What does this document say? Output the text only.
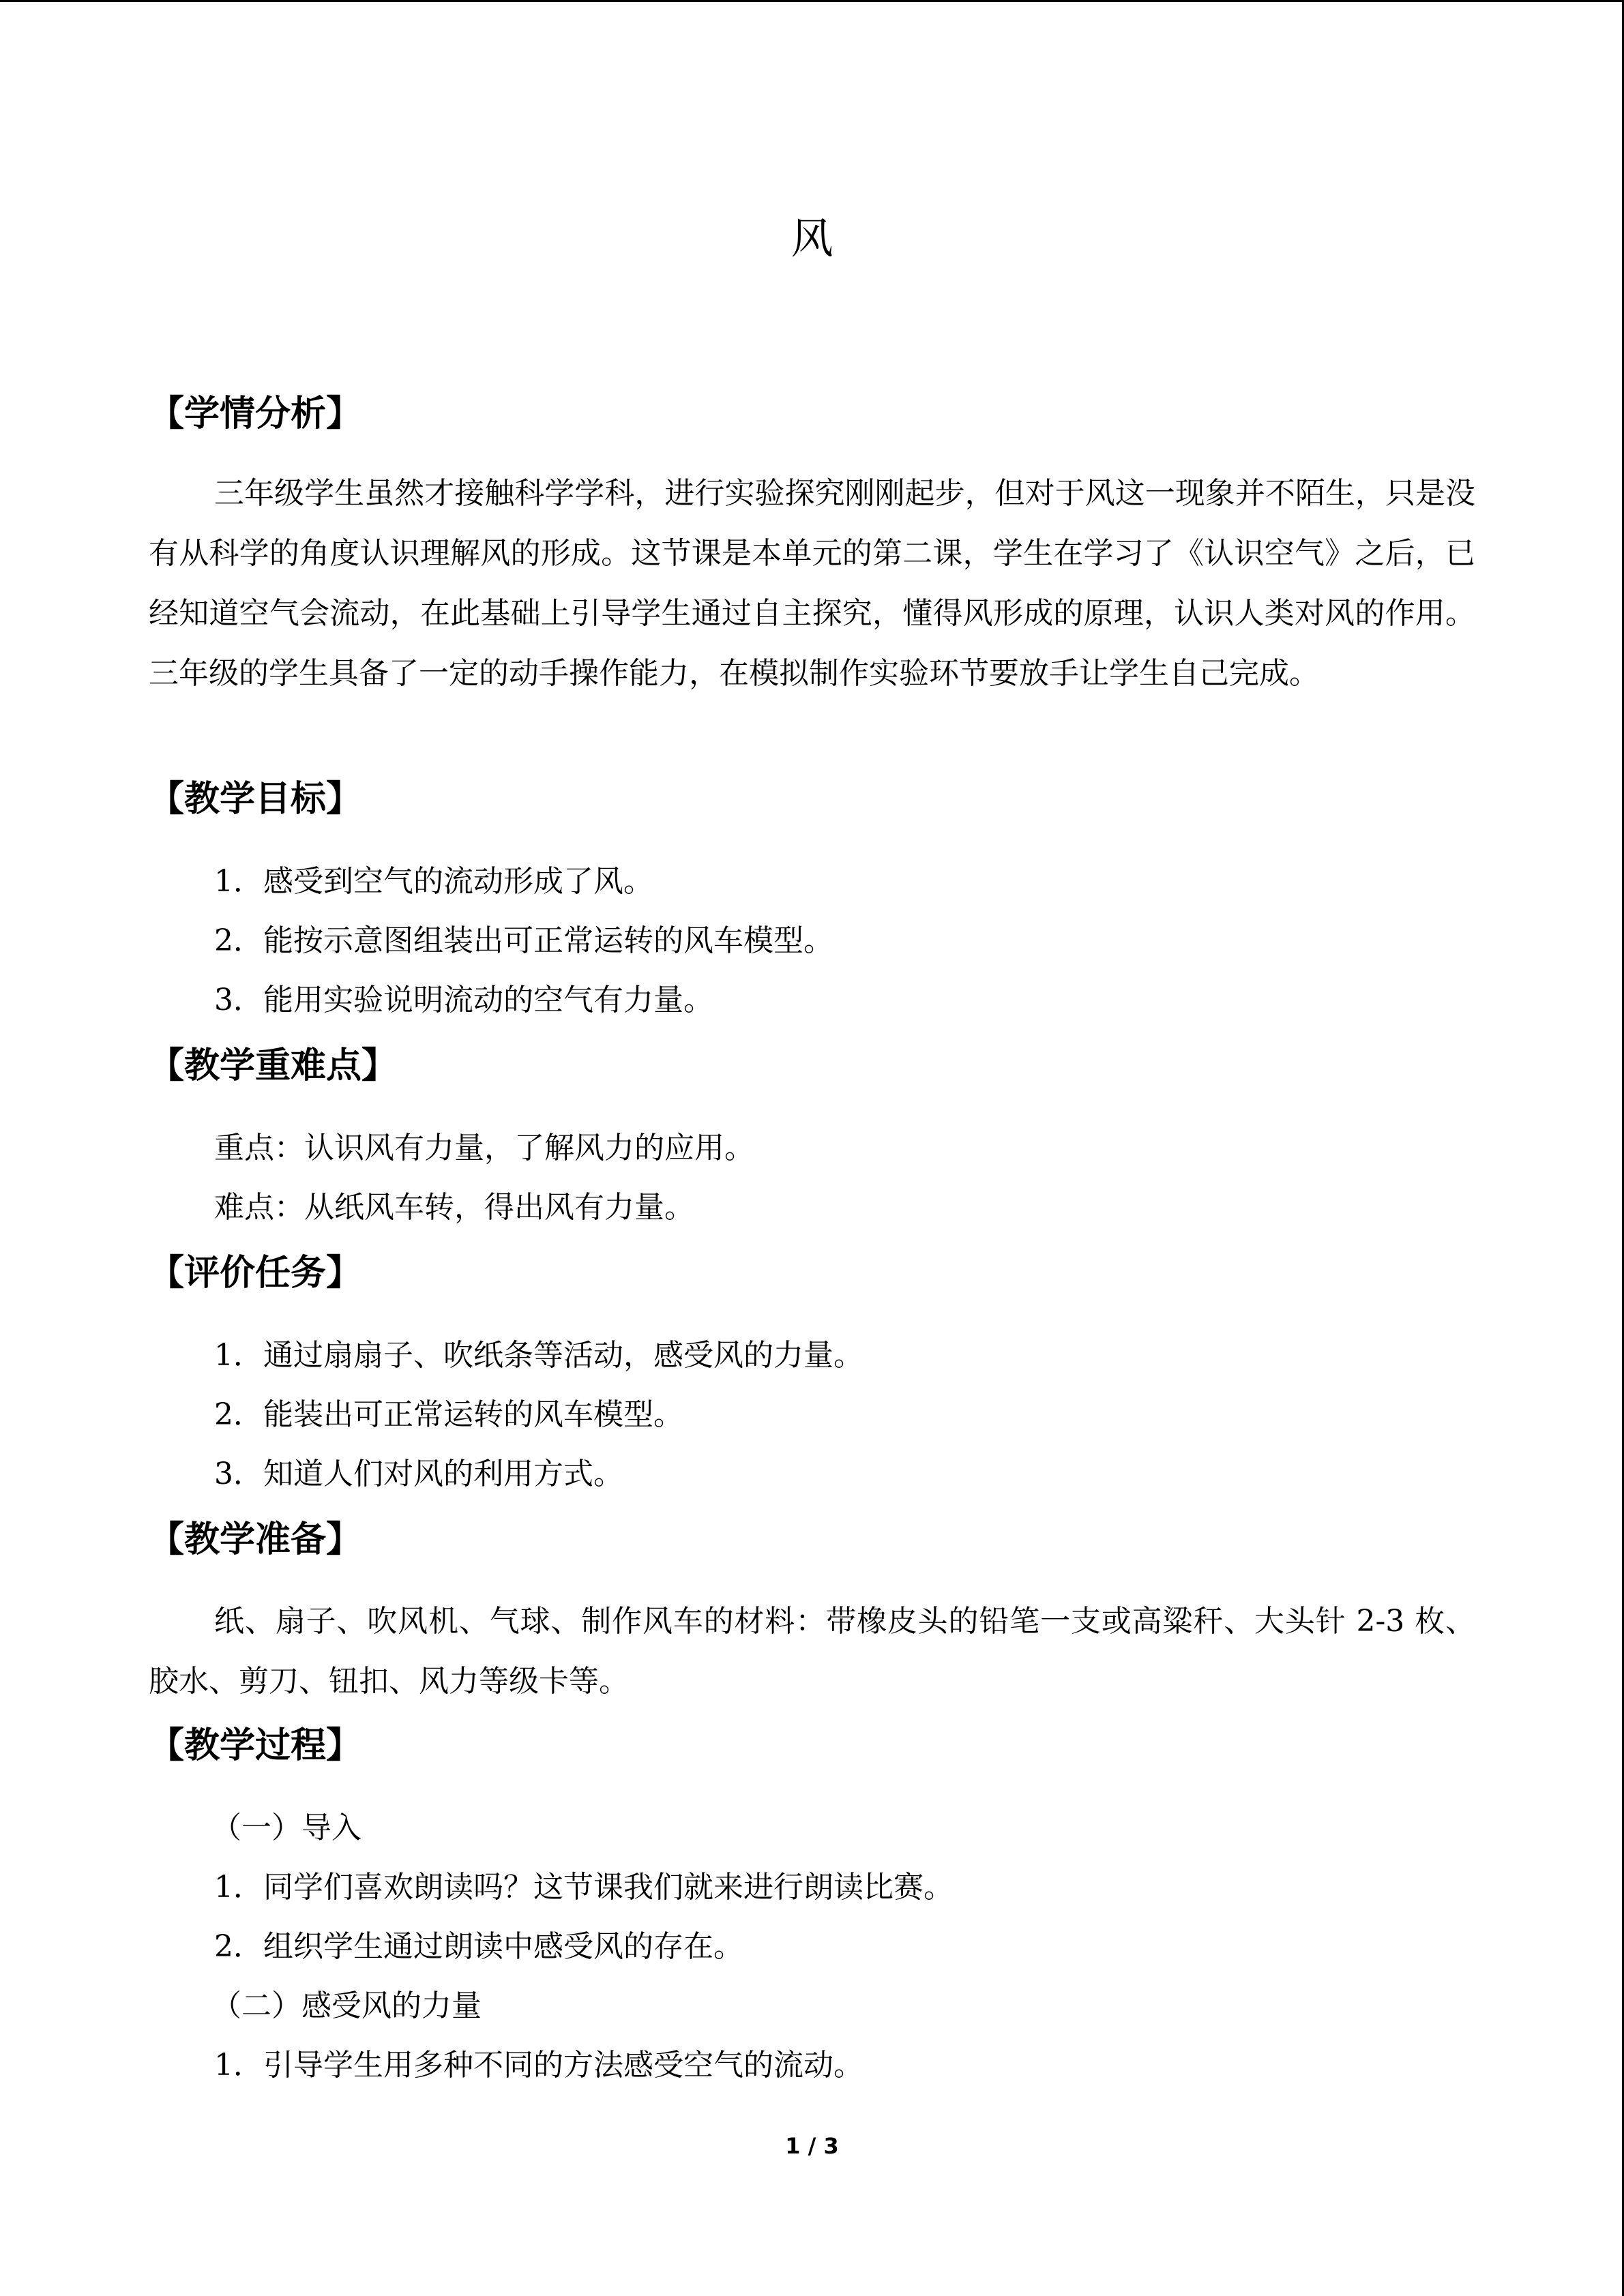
风
【学情分析】
三年级学生虽然才接触科学学科，进行实验探究刚刚起步，但对于风这一现象并不陌生，只是没有从科学的角度认识理解风的形成。这节课是本单元的第二课，学生在学习了《认识空气》之后，已经知道空气会流动，在此基础上引导学生通过自主探究，懂得风形成的原理，认识人类对风的作用。三年级的学生具备了一定的动手操作能力，在模拟制作实验环节要放手让学生自己完成。
【教学目标】
1．感受到空气的流动形成了风。
2．能按示意图组装出可正常运转的风车模型。
3．能用实验说明流动的空气有力量。
【教学重难点】
重点：认识风有力量，了解风力的应用。
难点：从纸风车转，得出风有力量。
【评价任务】
1．通过扇扇子、吹纸条等活动，感受风的力量。
2．能装出可正常运转的风车模型。
3．知道人们对风的利用方式。
【教学准备】
纸、扇子、吹风机、气球、制作风车的材料：带橡皮头的铅笔一支或高粱秆、大头针 2-3 枚、胶水、剪刀、钮扣、风力等级卡等。
【教学过程】
（一）导入
1．同学们喜欢朗读吗？这节课我们就来进行朗读比赛。
2．组织学生通过朗读中感受风的存在。
（二）感受风的力量
1．引导学生用多种不同的方法感受空气的流动。
1 / 3
